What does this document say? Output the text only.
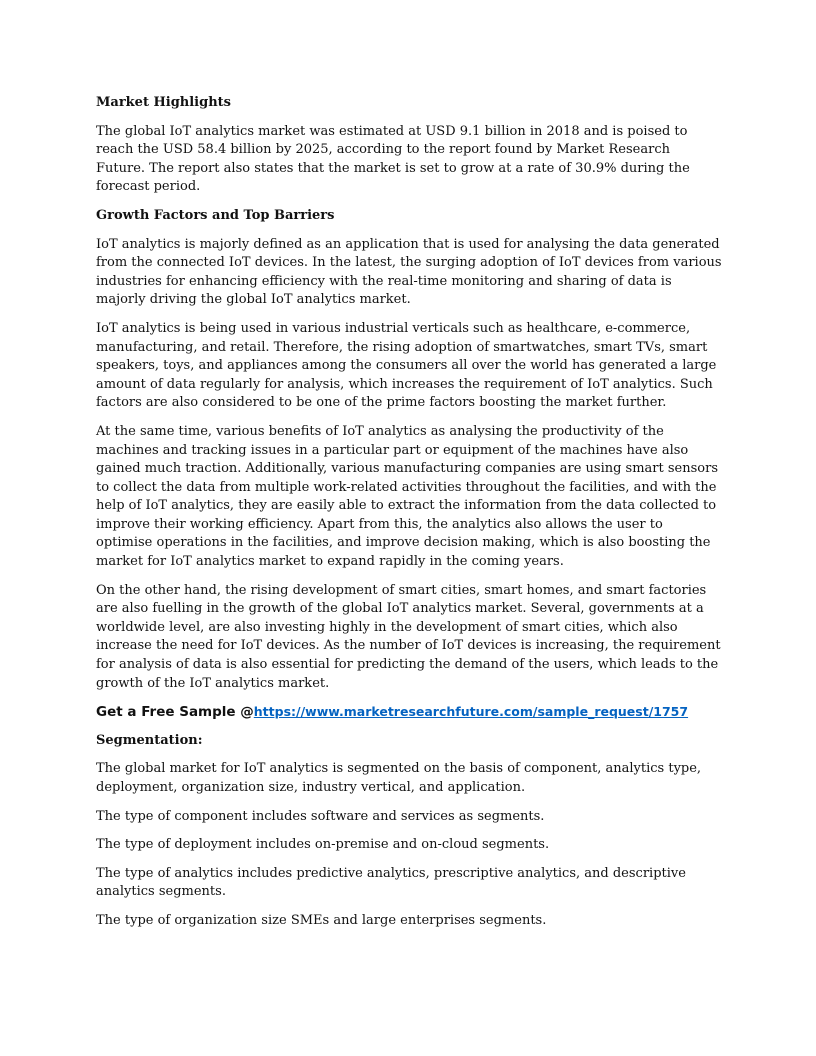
Market Highlights

The global IoT analytics market was estimated at USD 9.1 billion in 2018 and is poised to reach the USD 58.4 billion by 2025, according to the report found by Market Research Future. The report also states that the market is set to grow at a rate of 30.9% during the forecast period.

Growth Factors and Top Barriers

IoT analytics is majorly defined as an application that is used for analysing the data generated from the connected IoT devices. In the latest, the surging adoption of IoT devices from various industries for enhancing efficiency with the real-time monitoring and sharing of data is majorly driving the global IoT analytics market.

IoT analytics is being used in various industrial verticals such as healthcare, e-commerce, manufacturing, and retail. Therefore, the rising adoption of smartwatches, smart TVs, smart speakers, toys, and appliances among the consumers all over the world has generated a large amount of data regularly for analysis, which increases the requirement of IoT analytics. Such factors are also considered to be one of the prime factors boosting the market further.

At the same time, various benefits of IoT analytics as analysing the productivity of the machines and tracking issues in a particular part or equipment of the machines have also gained much traction. Additionally, various manufacturing companies are using smart sensors to collect the data from multiple work-related activities throughout the facilities, and with the help of IoT analytics, they are easily able to extract the information from the data collected to improve their working efficiency. Apart from this, the analytics also allows the user to optimise operations in the facilities, and improve decision making, which is also boosting the market for IoT analytics market to expand rapidly in the coming years.

On the other hand, the rising development of smart cities, smart homes, and smart factories are also fuelling in the growth of the global IoT analytics market. Several, governments at a worldwide level, are also investing highly in the development of smart cities, which also increase the need for IoT devices. As the number of IoT devices is increasing, the requirement for analysis of data is also essential for predicting the demand of the users, which leads to the growth of the IoT analytics market.

Get a Free Sample @https://www.marketresearchfuture.com/sample_request/1757
Segmentation:

The global market for IoT analytics is segmented on the basis of component, analytics type, deployment, organization size, industry vertical, and application.

The type of component includes software and services as segments.

The type of deployment includes on-premise and on-cloud segments.

The type of analytics includes predictive analytics, prescriptive analytics, and descriptive analytics segments.

The type of organization size SMEs and large enterprises segments.
